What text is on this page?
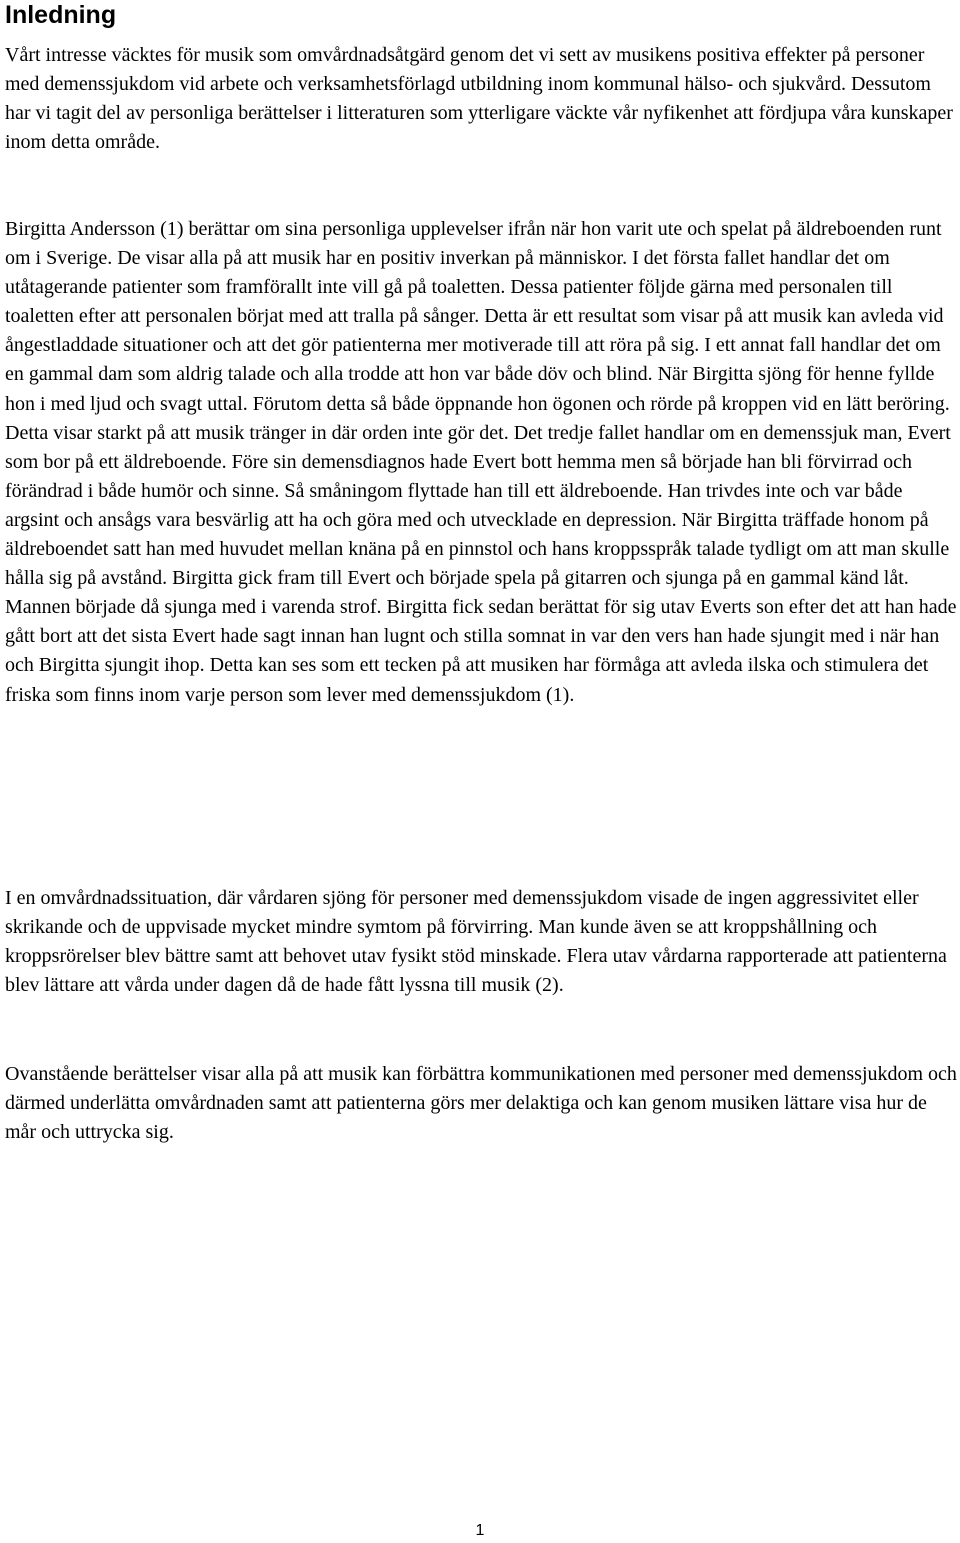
Inledning

Vårt intresse väcktes för musik som omvårdnadsåtgärd genom det vi sett av musikens positiva effekter på personer med demenssjukdom vid arbete och verksamhetsförlagd utbildning inom kommunal hälso- och sjukvård. Dessutom har vi tagit del av personliga berättelser i litteraturen som ytterligare väckte vår nyfikenhet att fördjupa våra kunskaper inom detta område.

Birgitta Andersson (1) berättar om sina personliga upplevelser ifrån när hon varit ute och spelat på äldreboenden runt om i Sverige. De visar alla på att musik har en positiv inverkan på människor. I det första fallet handlar det om utåtagerande patienter som framförallt inte vill gå på toaletten. Dessa patienter följde gärna med personalen till toaletten efter att personalen börjat med att tralla på sånger. Detta är ett resultat som visar på att musik kan avleda vid ångestladdade situationer och att det gör patienterna mer motiverade till att röra på sig. I ett annat fall handlar det om en gammal dam som aldrig talade och alla trodde att hon var både döv och blind. När Birgitta sjöng för henne fyllde hon i med ljud och svagt uttal. Förutom detta så både öppnande hon ögonen och rörde på kroppen vid en lätt beröring. Detta visar starkt på att musik tränger in där orden inte gör det. Det tredje fallet handlar om en demenssjuk man, Evert som bor på ett äldreboende. Före sin demensdiagnos hade Evert bott hemma men så började han bli förvirrad och förändrad i både humör och sinne. Så småningom flyttade han till ett äldreboende. Han trivdes inte och var både argsint och ansågs vara besvärlig att ha och göra med och utvecklade en depression. När Birgitta träffade honom på äldreboendet satt han med huvudet mellan knäna på en pinnstol och hans kroppsspråk talade tydligt om att man skulle hålla sig på avstånd. Birgitta gick fram till Evert och började spela på gitarren och sjunga på en gammal känd låt. Mannen började då sjunga med i varenda strof. Birgitta fick sedan berättat för sig utav Everts son efter det att han hade gått bort att det sista Evert hade sagt innan han lugnt och stilla somnat in var den vers han hade sjungit med i när han och Birgitta sjungit ihop. Detta kan ses som ett tecken på att musiken har förmåga att avleda ilska och stimulera det friska som finns inom varje person som lever med demenssjukdom (1).

I en omvårdnadssituation, där vårdaren sjöng för personer med demenssjukdom visade de ingen aggressivitet eller skrikande och de uppvisade mycket mindre symtom på förvirring. Man kunde även se att kroppshållning och kroppsrörelser blev bättre samt att behovet utav fysikt stöd minskade. Flera utav vårdarna rapporterade att patienterna blev lättare att vårda under dagen då de hade fått lyssna till musik (2).

Ovanstående berättelser visar alla på att musik kan förbättra kommunikationen med personer med demenssjukdom och därmed underlätta omvårdnaden samt att patienterna görs mer delaktiga och kan genom musiken lättare visa hur de mår och uttrycka sig.

1
